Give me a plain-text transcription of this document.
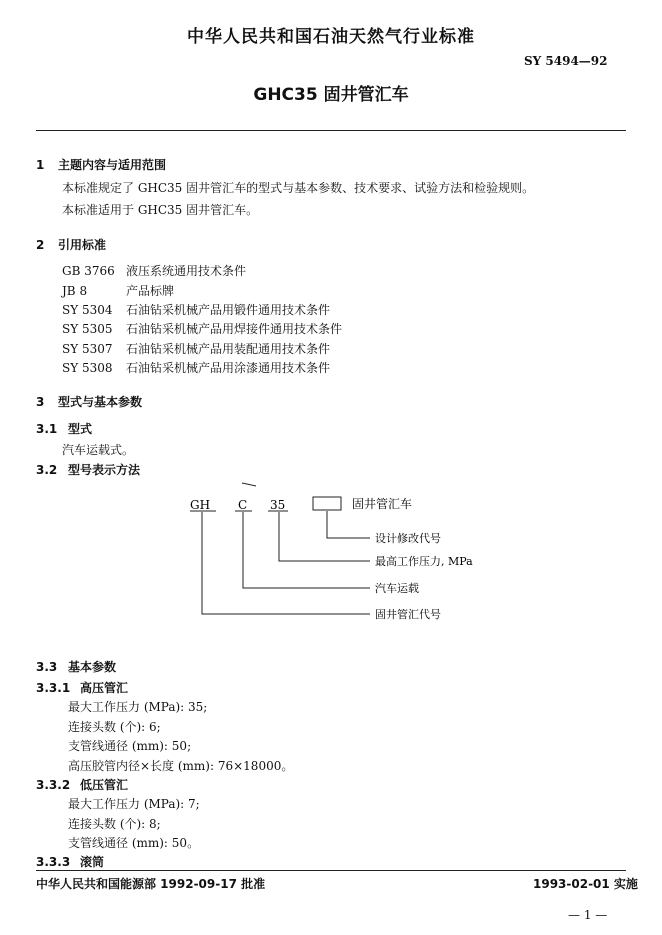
中华人民共和国石油天然气行业标准
SY 5494—92
GHC35 固井管汇车
1 主题内容与适用范围
本标准规定了 GHC35 固井管汇车的型式与基本参数、技术要求、试验方法和检验规则。
本标准适用于 GHC35 固井管汇车。
2 引用标准
GB 3766 液压系统通用技术条件
JB 8	产品标牌
SY 5304 石油钻采机械产品用锻件通用技术条件
SY 5305 石油钻采机械产品用焊接件通用技术条件
SY 5307 石油钻采机械产品用装配通用技术条件
SY 5308 石油钻采机械产品用涂漆通用技术条件
3 型式与基本参数
3.1 型式
汽车运载式。
3.2 型号表示方法
GH C 35	固井管汇车
设计修改代号
最高工作压力, MPa
汽车运载
固井管汇代号
3.3 基本参数
3.3.1 高压管汇
最大工作压力 (MPa): 35;
连接头数 (个): 6;
支管线通径 (mm): 50;
高压胶管内径×长度 (mm): 76×18000。
3.3.2 低压管汇
最大工作压力 (MPa): 7;
连接头数 (个): 8;
支管线通径 (mm): 50。
3.3.3 滚筒
中华人民共和国能源部 1992-09-17 批准	1993-02-01 实施
— 1 —
